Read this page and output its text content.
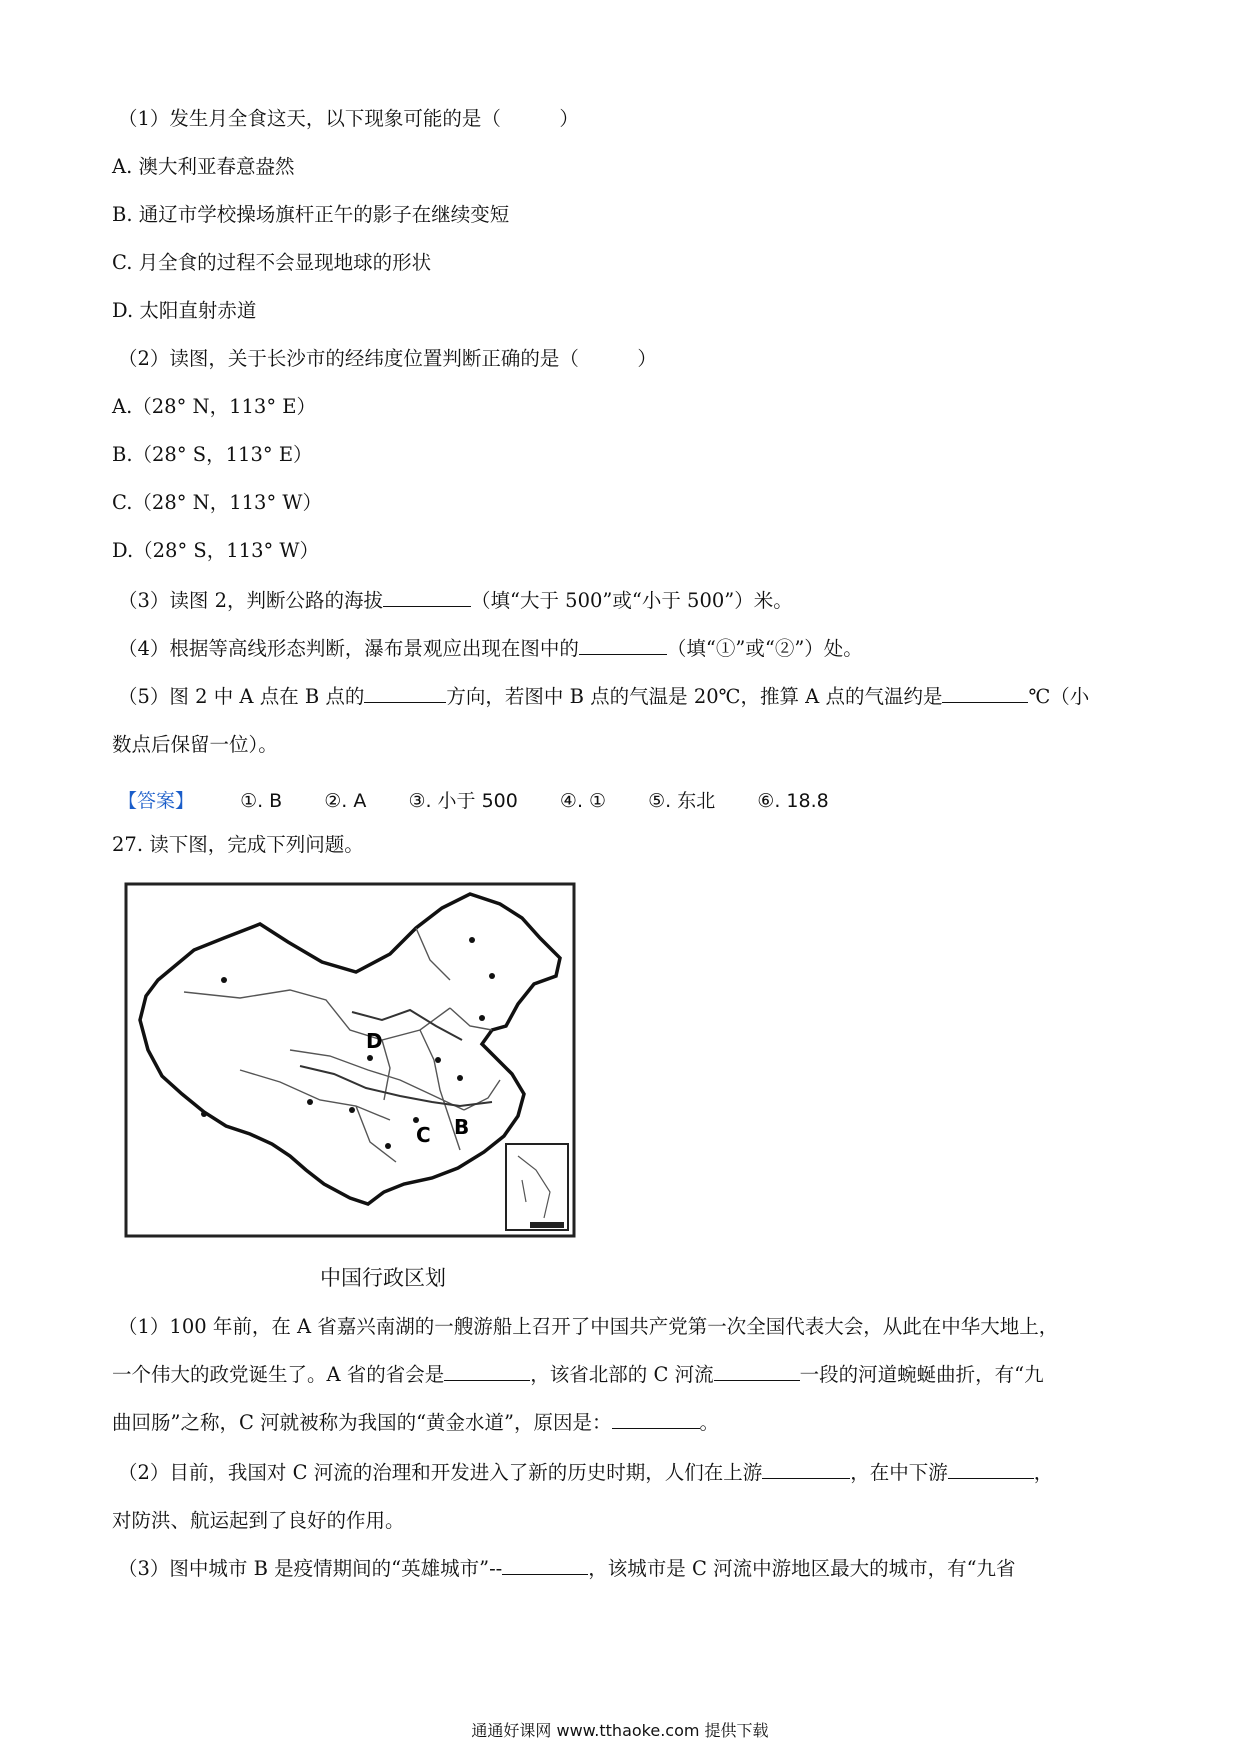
（1）发生月全食这天，以下现象可能的是（　　　）
A. 澳大利亚春意盎然
B. 通辽市学校操场旗杆正午的影子在继续变短
C. 月全食的过程不会显现地球的形状
D. 太阳直射赤道
（2）读图，关于长沙市的经纬度位置判断正确的是（　　　）
A.（28° N，113° E）
B.（28° S，113° E）
C.（28° N，113° W）
D.（28° S，113° W）
（3）读图 2，判断公路的海拔	（填“大于 500”或“小于 500”）米。
（4）根据等高线形态判断，瀑布景观应出现在图中的	（填“①”或“②”）处。
（5）图 2 中 A 点在 B 点的	方向，若图中 B 点的气温是 20℃，推算 A 点的气温约是	℃（小
数点后保留一位）。
【答案】 ①. B ②. A ③. 小于 500 ④. ① ⑤. 东北 ⑥. 18.8
27. 读下图，完成下列问题。
D
C B
中国行政区划
（1）100 年前，在 A 省嘉兴南湖的一艘游船上召开了中国共产党第一次全国代表大会，从此在中华大地上，
一个伟大的政党诞生了。A 省的省会是	，该省北部的 C 河流	一段的河道蜿蜒曲折，有“九
曲回肠”之称，C 河就被称为我国的“黄金水道”，原因是：	。
（2）目前，我国对 C 河流的治理和开发进入了新的历史时期，人们在上游	，在中下游	，
对防洪、航运起到了良好的作用。
（3）图中城市 B 是疫情期间的“英雄城市”--	，该城市是 C 河流中游地区最大的城市，有“九省
通通好课网 www.tthaoke.com 提供下载
